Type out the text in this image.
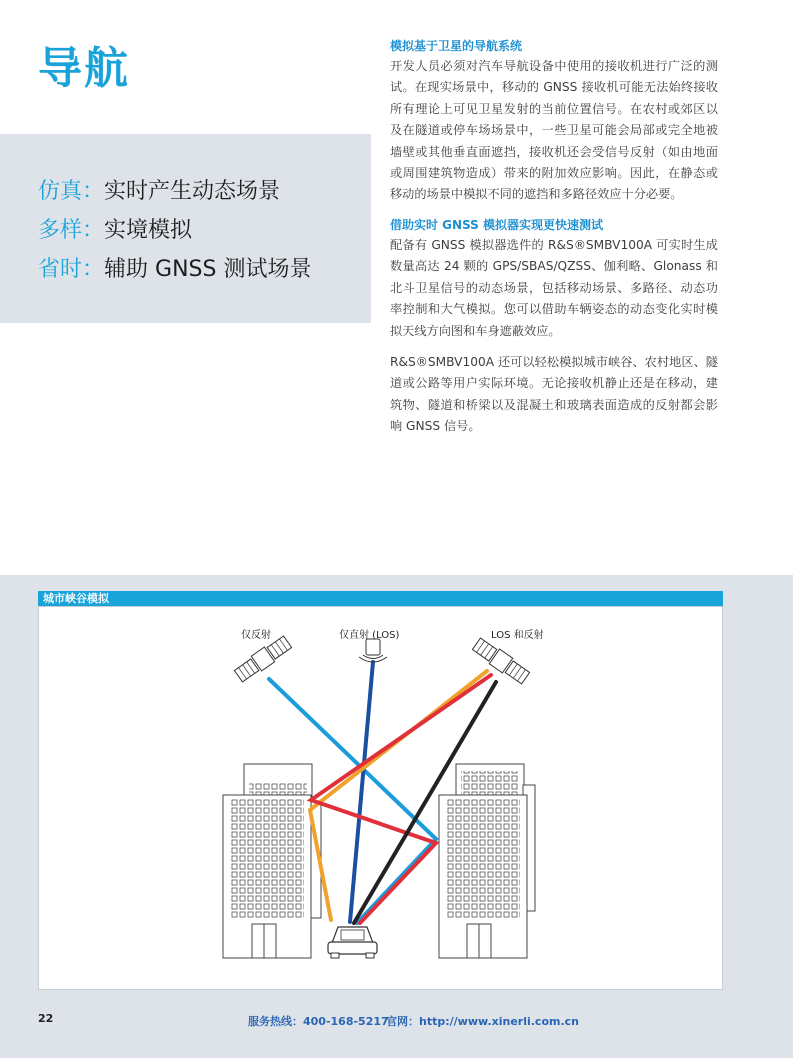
导航
仿真：实时产生动态场景
多样：实境模拟
省时：辅助 GNSS 测试场景
模拟基于卫星的导航系统

开发人员必须对汽车导航设备中使用的接收机进行广泛的测试。在现实场景中，移动的 GNSS 接收机可能无法始终接收所有理论上可见卫星发射的当前位置信号。在农村或郊区以及在隧道或停车场场景中，一些卫星可能会局部或完全地被墙壁或其他垂直面遮挡，接收机还会受信号反射（如由地面或周围建筑物造成）带来的附加效应影响。因此，在静态或移动的场景中模拟不同的遮挡和多路径效应十分必要。

借助实时 GNSS 模拟器实现更快速测试

配备有 GNSS 模拟器选件的 R&S®SMBV100A 可实时生成数量高达 24 颗的 GPS/SBAS/QZSS、伽利略、Glonass 和北斗卫星信号的动态场景，包括移动场景、多路径、动态功率控制和大气模拟。您可以借助车辆姿态的动态变化实时模拟天线方向图和车身遮蔽效应。

R&S®SMBV100A 还可以轻松模拟城市峡谷、农村地区、隧道或公路等用户实际环境。无论接收机静止还是在移动，建筑物、隧道和桥梁以及混凝土和玻璃表面造成的反射都会影响 GNSS 信号。

城市峡谷模拟
仅反射	仅直射 (LOS)	LOS 和反射
22	服务热线：400-168-5217
官网：http://www.xinerli.com.cn
